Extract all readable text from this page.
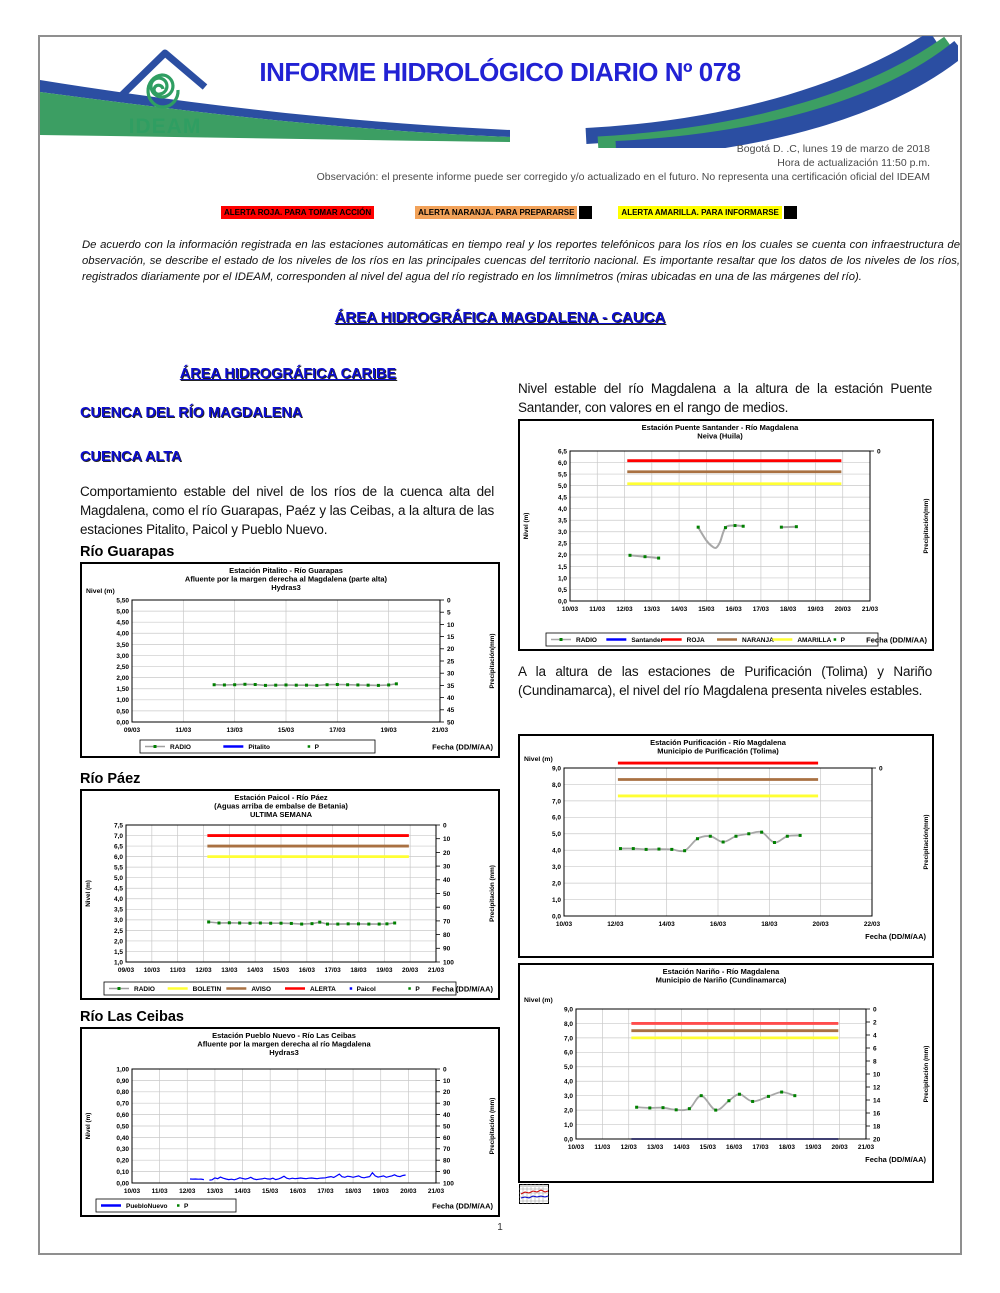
IDEAM
INFORME HIDROLÓGICO DIARIO Nº 078
Bogotá D. .C, lunes 19 de marzo de 2018
Hora de actualización 11:50 p.m.
Observación: el presente informe puede ser corregido y/o actualizado en el futuro. No representa una certificación oficial del IDEAM
ALERTA ROJA. PARA TOMAR ACCIÓN	ALERTA NARANJA. PARA PREPARARSE	ALERTA AMARILLA. PARA INFORMARSE
De acuerdo con la información registrada en las estaciones automáticas en tiempo real y los reportes telefónicos para los ríos en los cuales se cuenta con infraestructura de observación, se describe el estado de los niveles de los ríos en las principales cuencas del territorio nacional. Es importante resaltar que los datos de los niveles de los ríos, registrados diariamente por el IDEAM, corresponden al nivel del agua del río registrado en los limnímetros (miras ubicadas en una de las márgenes del río).
ÁREA HIDROGRÁFICA MAGDALENA - CAUCA
ÁREA HIDROGRÁFICA CARIBE
CUENCA DEL RÍO MAGDALENA
CUENCA ALTA
Comportamiento estable del nivel de los ríos de la cuenca alta del Magdalena, como el río Guarapas, Paéz y las Ceibas, a la altura de las estaciones Pitalito, Paicol y Pueblo Nuevo.
Río Guarapas
0,00
0,50
1,00
1,50
2,00
2,50
3,00
3,50
4,00
4,50
5,00
5,50	0
5
10
15
20
25
30
35
40
45
50
09/03	11/03	13/03	15/03	17/03	19/03	21/03
Estación Pitalito - Río Guarapas
Afluente por la margen derecha al Magdalena (parte alta)
Hydras3
Nivel (m)
Precipitación(mm)
RADIO	Pitalito	P	Fecha (DD/M/AA)
Río Páez
1,0
1,5
2,0
2,5
3,0
3,5
4,0
4,5
5,0
5,5
6,0
6,5
7,0
7,5	0
10
20
30
40
50
60
70
80
90
100
09/03 10/03 11/03 12/03 13/03 14/03 15/03 16/03 17/03 18/03 19/03 20/03 21/03
Estación Paicol - Río Páez
(Aguas arriba de embalse de Betania)
ULTIMA SEMANA
Nivel (m)	Precipitación (mm)
RADIO	BOLETIN	AVISO	ALERTA	Paicol	P Fecha (DD/M/AA)
Río Las Ceibas
0,00
0,10
0,20
0,30
0,40
0,50
0,60
0,70
0,80
0,90
1,00	0
10
20
30
40
50
60
70
80
90
100
10/03 11/03 12/03 13/03 14/03 15/03 16/03 17/03 18/03 19/03 20/03 21/03
Estación Pueblo Nuevo - Río Las Ceibas
Afluente por la margen derecha al río Magdalena
Hydras3
Nivel (m)	Precipitación (mm)
PuebloNuevo	P	Fecha (DD/M/AA)
Nivel estable del río Magdalena a la altura de la estación Puente Santander, con valores en el rango de medios.
0,0
0,5
1,0
1,5
2,0
2,5
3,0
3,5
4,0
4,5
5,0
5,5
6,0
6,5	0
10/03 11/03 12/03 13/03 14/03 15/03 16/03 17/03 18/03 19/03 20/03 21/03
Estación Puente Santander - Río Magdalena
Neiva (Huila)
Nivel (m)	Precipitación(mm)
RADIO	Santander	ROJA	NARANJA	AMARILLA P	Fecha (DD/M/AA)
A la altura de las estaciones de Purificación (Tolima) y Nariño (Cundinamarca), el nivel del río Magdalena presenta niveles estables.
0,0
1,0
2,0
3,0
4,0
5,0
6,0
7,0
8,0
9,0	0
10/03	12/03	14/03	16/03	18/03	20/03	22/03
Estación Purificación - Río Magdalena
Municipio de Purificación (Tolima)
Nivel (m)
Precipitación(mm)
Fecha (DD/M/AA)
0,0
1,0
2,0
3,0
4,0
5,0
6,0
7,0
8,0
9,0	0
2
4
6
8
10
12
14
16
18
20
10/03 11/03 12/03 13/03 14/03 15/03 16/03 17/03 18/03 19/03 20/03 21/03
Estación Nariño - Río Magdalena
Municipio de Nariño (Cundinamarca)
Nivel (m)
Precipitación (mm)
Fecha (DD/M/AA)
1
